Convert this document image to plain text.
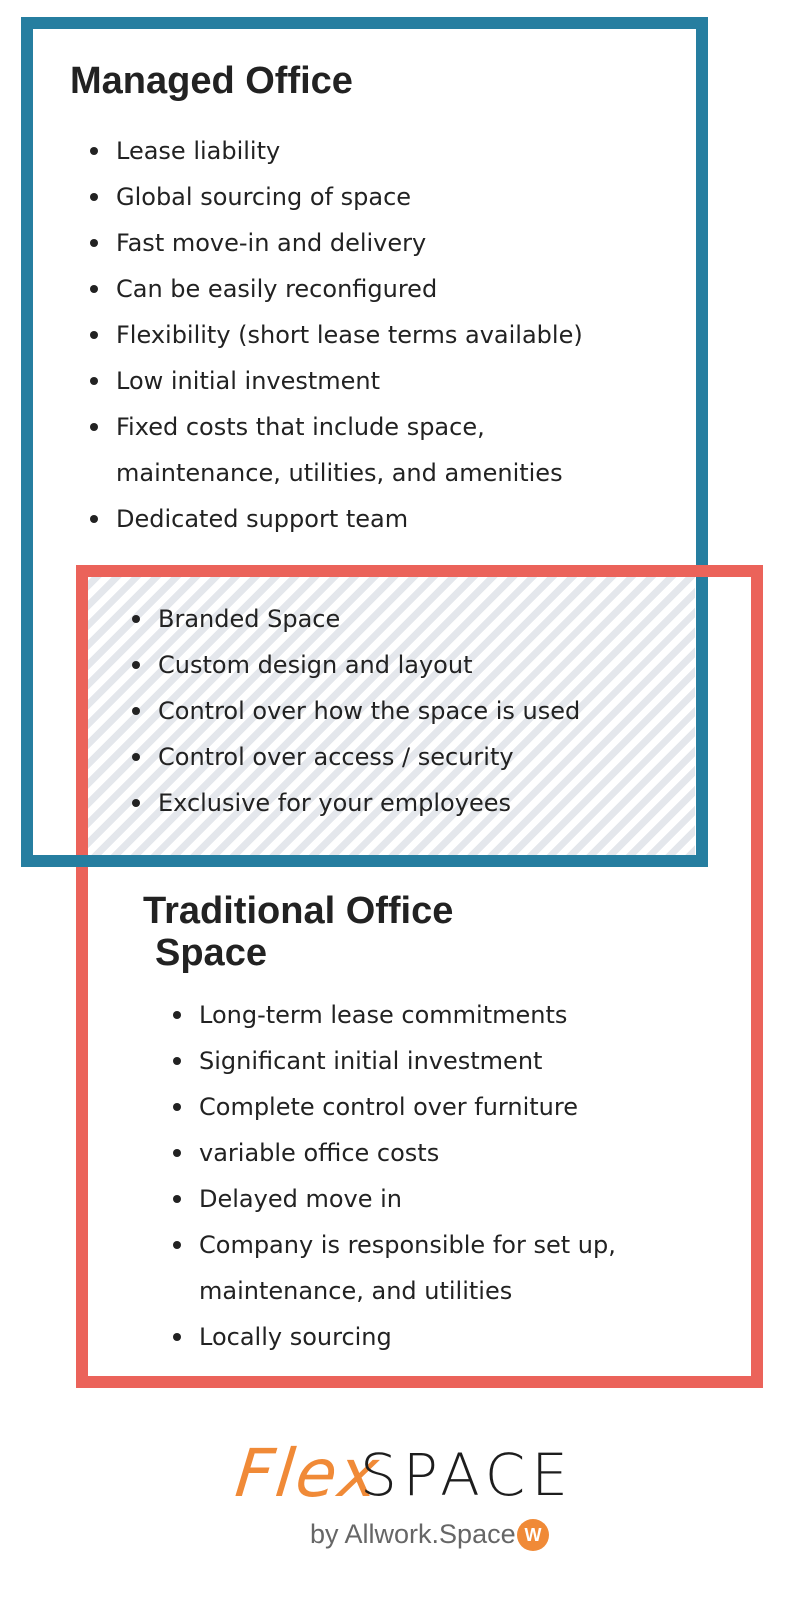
Managed Office
Lease liability
Global sourcing of space
Fast move-in and delivery
Can be easily reconfigured
Flexibility (short lease terms available)
Low initial investment
Fixed costs that include space,
maintenance, utilities, and amenities
Dedicated support team
Branded Space
Custom design and layout
Control over how the space is used
Control over access / security
Exclusive for your employees
Traditional Office
Space
Long-term lease commitments
Significant initial investment
Complete control over furniture
variable office costs
Delayed move in
Company is responsible for set up,
maintenance, and utilities
Locally sourcing
Flex
SPACE
by Allwork.Space W
